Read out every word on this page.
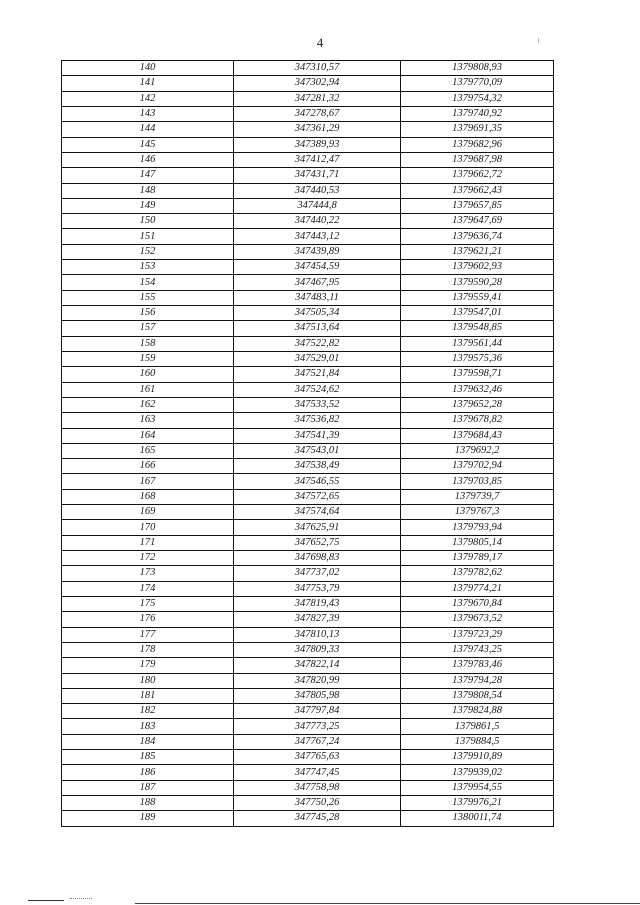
4
140	347310,57	1379808,93
141	347302,94	1379770,09
142	347281,32	1379754,32
143	347278,67	1379740,92
144	347361,29	1379691,35
145	347389,93	1379682,96
146	347412,47	1379687,98
147	347431,71	1379662,72
148	347440,53	1379662,43
149	347444,8	1379657,85
150	347440,22	1379647,69
151	347443,12	1379636,74
152	347439,89	1379621,21
153	347454,59	1379602,93
154	347467,95	1379590,28
155	347483,11	1379559,41
156	347505,34	1379547,01
157	347513,64	1379548,85
158	347522,82	1379561,44
159	347529,01	1379575,36
160	347521,84	1379598,71
161	347524,62	1379632,46
162	347533,52	1379652,28
163	347536,82	1379678,82
164	347541,39	1379684,43
165	347543,01	1379692,2
166	347538,49	1379702,94
167	347546,55	1379703,85
168	347572,65	1379739,7
169	347574,64	1379767,3
170	347625,91	1379793,94
171	347652,75	1379805,14
172	347698,83	1379789,17
173	347737,02	1379782,62
174	347753,79	1379774,21
175	347819,43	1379670,84
176	347827,39	1379673,52
177	347810,13	1379723,29
178	347809,33	1379743,25
179	347822,14	1379783,46
180	347820,99	1379794,28
181	347805,98	1379808,54
182	347797,84	1379824,88
183	347773,25	1379861,5
184	347767,24	1379884,5
185	347765,63	1379910,89
186	347747,45	1379939,02
187	347758,98	1379954,55
188	347750,26	1379976,21
189	347745,28	1380011,74
